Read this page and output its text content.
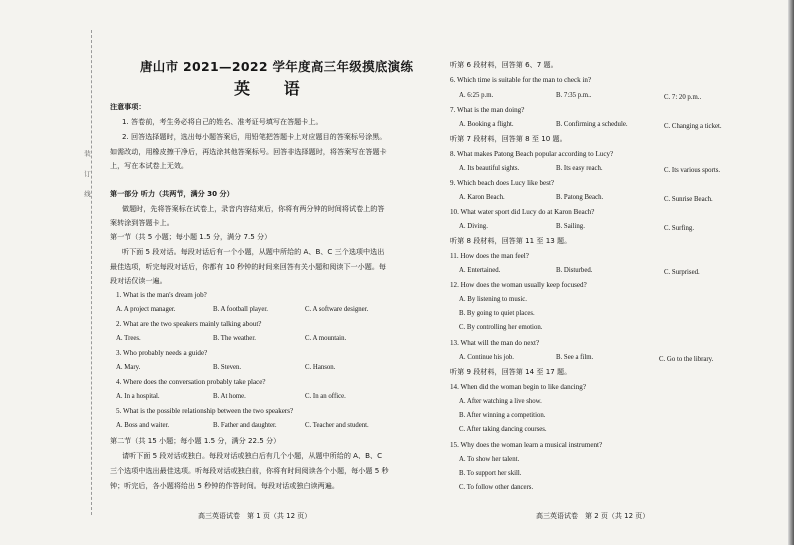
装 订 线
唐山市 2021—2022 学年度高三年级摸底演练
英 语
注意事项：
1. 答卷前，考生务必将自己的姓名、准考证号填写在答题卡上。
2. 回答选择题时，选出每小题答案后，用铅笔把答题卡上对应题目的答案标号涂黑。
如需改动，用橡皮擦干净后，再选涂其他答案标号。回答非选择题时，将答案写在答题卡
上，写在本试卷上无效。
第一部分 听力（共两节，满分 30 分）
做题时，先将答案标在试卷上，录音内容结束后，你将有两分钟的时间将试卷上的答
案转涂到答题卡上。
第一节（共 5 小题；每小题 1.5 分，满分 7.5 分）
听下面 5 段对话。每段对话后有一个小题，从题中所给的 A、B、C 三个选项中选出
最佳选项，听完每段对话后，你都有 10 秒钟的时间来回答有关小题和阅读下一小题。每
段对话仅读一遍。
1. What is the man's dream job?
A. A project manager.	B. A football player.	C. A software designer.
2. What are the two speakers mainly talking about?
A. Trees.	B. The weather.	C. A mountain.
3. Who probably needs a guide?
A. Mary.	B. Steven.	C. Hanson.
4. Where does the conversation probably take place?
A. In a hospital.	B. At home.	C. In an office.
5. What is the possible relationship between the two speakers?
A. Boss and waiter.	B. Father and daughter.	C. Teacher and student.
第二节（共 15 小题；每小题 1.5 分，满分 22.5 分）
请听下面 5 段对话或独白。每段对话或独白后有几个小题，从题中所给的 A、B、C
三个选项中选出最佳选项。听每段对话或独白前，你将有时间阅读各个小题，每小题 5 秒
钟；听完后，各小题将给出 5 秒钟的作答时间。每段对话或独白读两遍。
高三英语试卷　第 1 页（共 12 页）
听第 6 段材料，回答第 6、7 题。
6. Which time is suitable for the man to check in?
A. 6:25 p.m.	B. 7:35 p.m..	C. 7: 20 p.m..
7. What is the man doing?
A. Booking a flight.	B. Confirming a schedule.	C. Changing a ticket.
听第 7 段材料，回答第 8 至 10 题。
8. What makes Patong Beach popular according to Lucy?
A. Its beautiful sights.	B. Its easy reach.	C. Its various sports.
9. Which beach does Lucy like best?
A. Karon Beach.	B. Patong Beach.	C. Sunrise Beach.
10. What water sport did Lucy do at Karon Beach?
A. Diving.	B. Sailing.	C. Surfing.
听第 8 段材料，回答第 11 至 13 题。
11. How does the man feel?
A. Entertained.	B. Disturbed.	C. Surprised.
12. How does the woman usually keep focused?
A. By listening to music.
B. By going to quiet places.
C. By controlling her emotion.
13. What will the man do next?
A. Continue his job.	B. See a film.	C. Go to the library.
听第 9 段材料，回答第 14 至 17 题。
14. When did the woman begin to like dancing?
A. After watching a live show.
B. After winning a competition.
C. After taking dancing courses.
15. Why does the woman learn a musical instrument?
A. To show her talent.
B. To support her skill.
C. To follow other dancers.
高三英语试卷　第 2 页（共 12 页）
